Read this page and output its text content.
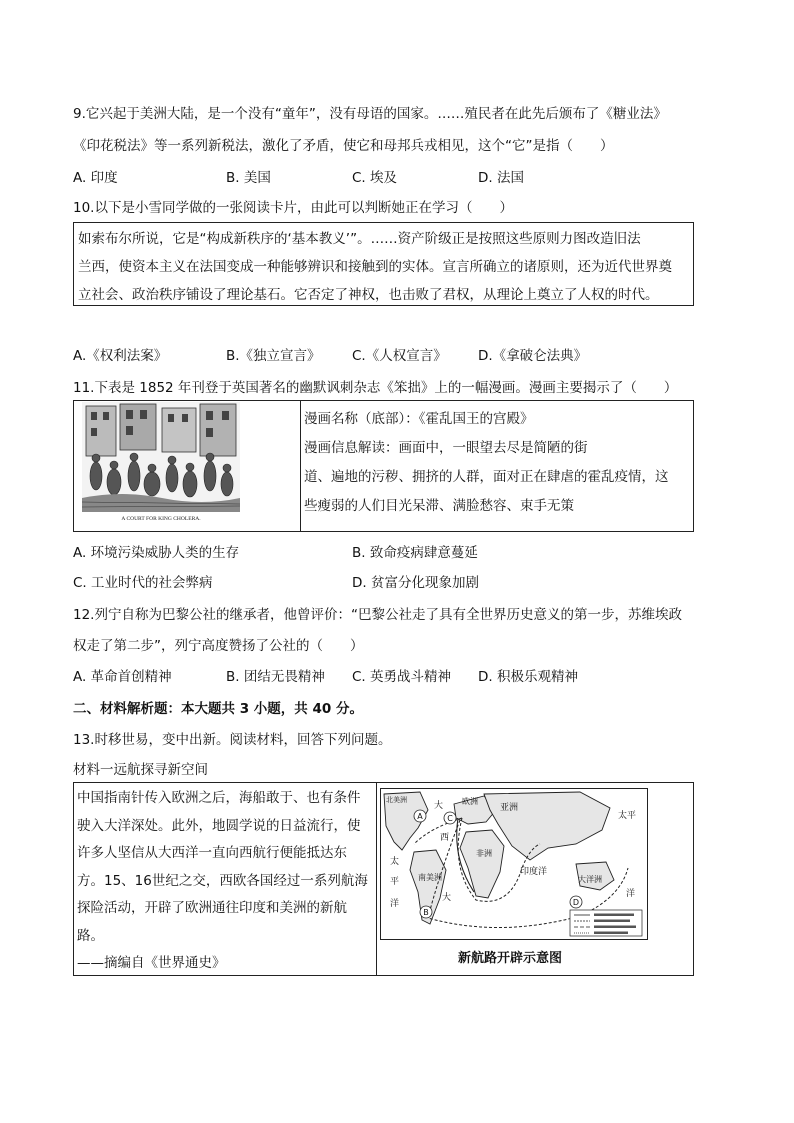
9.它兴起于美洲大陆，是一个没有“童年”，没有母语的国家。……殖民者在此先后颁布了《糖业法》
《印花税法》等一系列新税法，激化了矛盾，使它和母邦兵戎相见，这个“它”是指（　　）
A. 印度	B. 美国	C. 埃及	D. 法国
10.以下是小雪同学做的一张阅读卡片，由此可以判断她正在学习（　　）
如索布尔所说，它是“构成新秩序的‘基本教义’”。……资产阶级正是按照这些原则力图改造旧法
兰西，使资本主义在法国变成一种能够辨识和接触到的实体。宣言所确立的诸原则，还为近代世界奠
立社会、政治秩序铺设了理论基石。它否定了神权，也击败了君权，从理论上奠立了人权的时代。
A.《权利法案》	B.《独立宣言》 C.《人权宣言》 D.《拿破仑法典》
11.下表是 1852 年刊登于英国著名的幽默讽刺杂志《笨拙》上的一幅漫画。漫画主要揭示了（　　）
漫画名称（底部）：《霍乱国王的宫殿》
漫画信息解读：画面中，一眼望去尽是简陋的街
道、遍地的污秽、拥挤的人群，面对正在肆虐的霍乱疫情，这
些瘦弱的人们目光呆滞、满脸愁容、束手无策
A COURT FOR KING CHOLERA.
A. 环境污染威胁人类的生存	B. 致命疫病肆意蔓延
C. 工业时代的社会弊病	D. 贫富分化现象加剧
12.列宁自称为巴黎公社的继承者，他曾评价：“巴黎公社走了具有全世界历史意义的第一步，苏维埃政
权走了第二步”，列宁高度赞扬了公社的（　　）
A. 革命首创精神	B. 团结无畏精神 C. 英勇战斗精神 D. 积极乐观精神
二、材料解析题：本大题共 3 小题，共 40 分。
13.时移世易，变中出新。阅读材料，回答下列问题。
材料一远航探寻新空间
中国指南针传入欧洲之后，海船敢于、也有条件
驶入大洋深处。此外，地圆学说的日益流行，使
许多人坚信从大西洋一直向西航行便能抵达东
方。15、16世纪之交，西欧各国经过一系列航海
探险活动，开辟了欧洲通往印度和美洲的新航
路。
——摘编自《世界通史》	新航路开辟示意图
A
B
C
D
北美洲
大 欧洲
亚洲
太平
西
非洲
印度洋
大洋洲
洋
南美洲
大
平
洋
太
